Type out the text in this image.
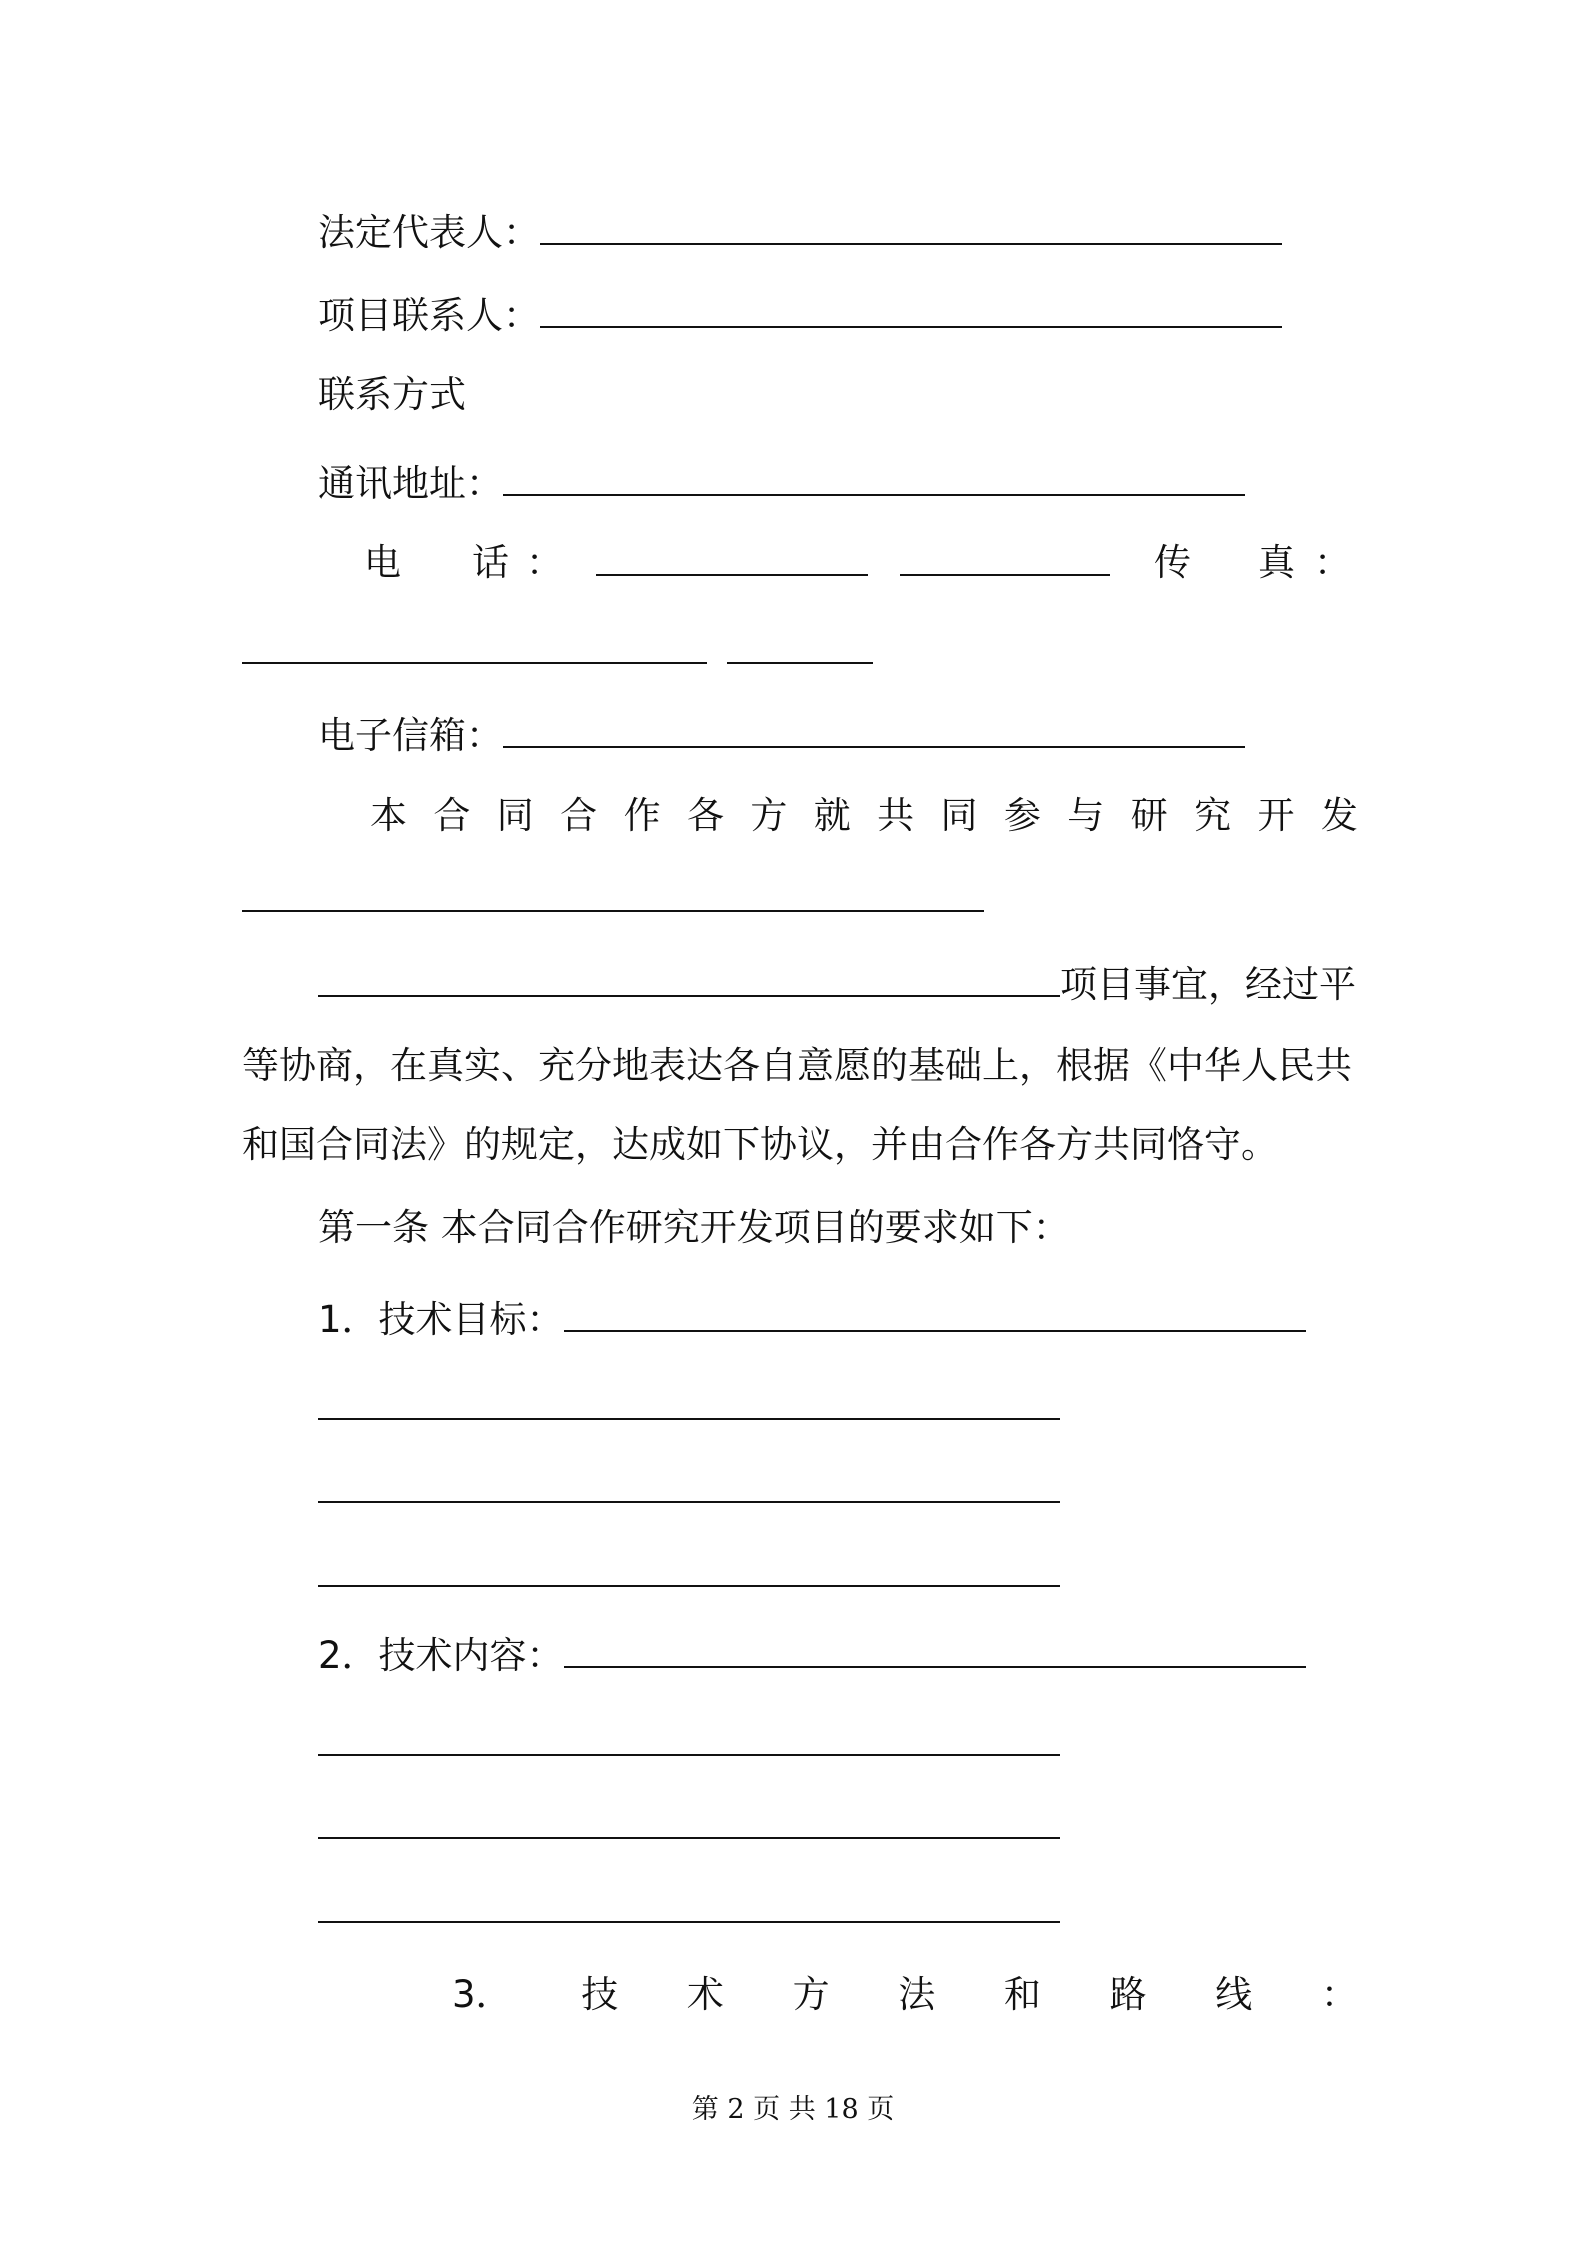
法定代表人：
项目联系人：
联系方式
通讯地址：
电 话 ：	传 真 ：

电子信箱：
本 合 同 合 作 各 方 就 共 同 参 与 研 究 开 发
项目事宜，经过平
等协商，在真实、充分地表达各自意愿的基础上，根据《中华人民共
和国合同法》的规定，达成如下协议，并由合作各方共同恪守。
第一条 本合同合作研究开发项目的要求如下：
1．技术目标：
2．技术内容：
3． 技 术 方 法 和 路 线 ：
第 2 页 共 18 页
